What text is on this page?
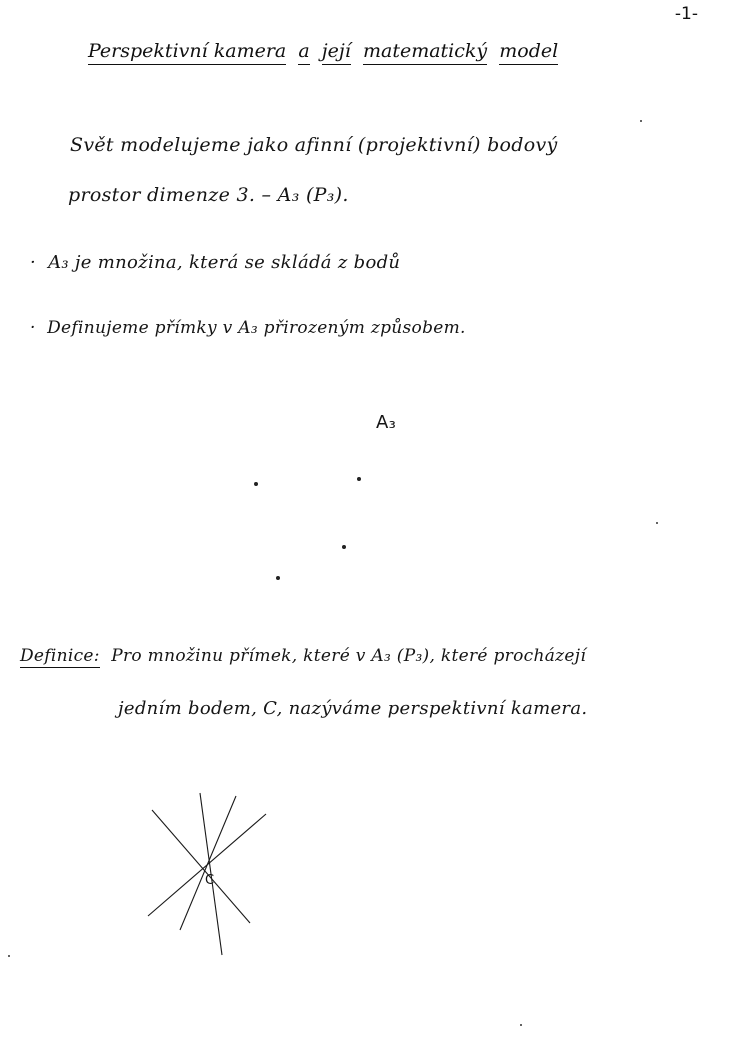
-1-
Perspektivní kamera a její matematický model
Svět modelujeme jako afinní (projektivní) bodový
prostor dimenze 3. – A₃ (P₃).
·  A₃ je množina, která se skládá z bodů
·  Definujeme přímky v A₃ přirozeným způsobem.
A₃
Definice: Pro množinu přímek, které v A₃ (P₃), které procházejí
jedním bodem, C, nazýváme perspektivní kamera.
C
